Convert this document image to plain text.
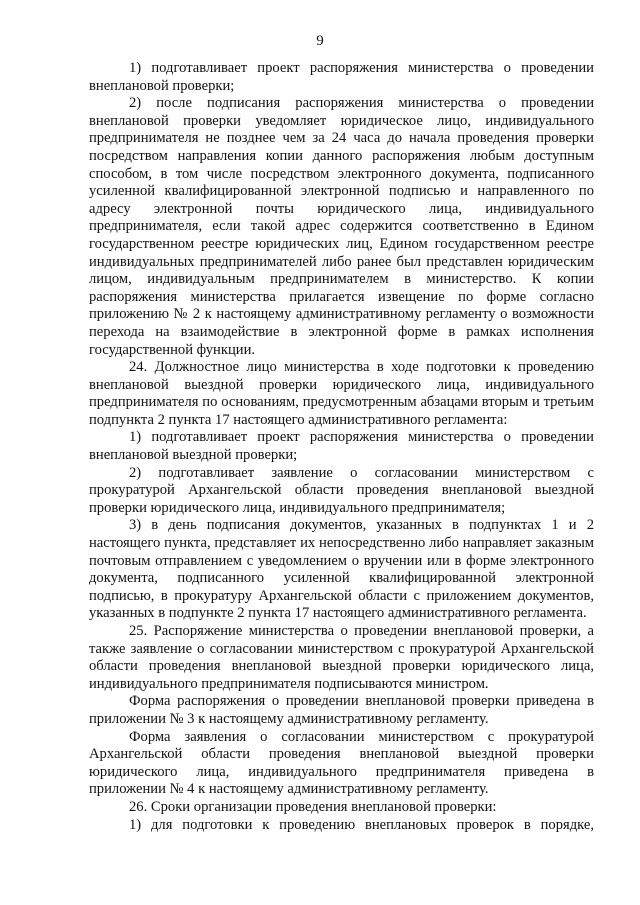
9

1) подготавливает проект распоряжения министерства о проведении внеплановой проверки;

2) после подписания распоряжения министерства о проведении внеплановой проверки уведомляет юридическое лицо, индивидуального предпринимателя не позднее чем за 24 часа до начала проведения проверки посредством направления копии данного распоряжения любым доступным способом, в том числе посредством электронного документа, подписанного усиленной квалифицированной электронной подписью и направленного по адресу электронной почты юридического лица, индивидуального предпринимателя, если такой адрес содержится соответственно в Едином государственном реестре юридических лиц, Едином государственном реестре индивидуальных предпринимателей либо ранее был представлен юридическим лицом, индивидуальным предпринимателем в министерство. К копии распоряжения министерства прилагается извещение по форме согласно приложению № 2 к настоящему административному регламенту о возможности перехода на взаимодействие в электронной форме в рамках исполнения государственной функции.

24. Должностное лицо министерства в ходе подготовки к проведению внеплановой выездной проверки юридического лица, индивидуального предпринимателя по основаниям, предусмотренным абзацами вторым и третьим подпункта 2 пункта 17 настоящего административного регламента:

1) подготавливает проект распоряжения министерства о проведении внеплановой выездной проверки;

2) подготавливает заявление о согласовании министерством с прокуратурой Архангельской области проведения внеплановой выездной проверки юридического лица, индивидуального предпринимателя;

3) в день подписания документов, указанных в подпунктах 1 и 2 настоящего пункта, представляет их непосредственно либо направляет заказным почтовым отправлением с уведомлением о вручении или в форме электронного документа, подписанного усиленной квалифицированной электронной подписью, в прокуратуру Архангельской области с приложением документов, указанных в подпункте 2 пункта 17 настоящего административного регламента.

25. Распоряжение министерства о проведении внеплановой проверки, а также заявление о согласовании министерством с прокуратурой Архангельской области проведения внеплановой выездной проверки юридического лица, индивидуального предпринимателя подписываются министром.

Форма распоряжения о проведении внеплановой проверки приведена в приложении № 3 к настоящему административному регламенту.

Форма заявления о согласовании министерством с прокуратурой Архангельской области проведения внеплановой выездной проверки юридического лица, индивидуального предпринимателя приведена в приложении № 4 к настоящему административному регламенту.

26. Сроки организации проведения внеплановой проверки:

1) для подготовки к проведению внеплановых проверок в порядке,
